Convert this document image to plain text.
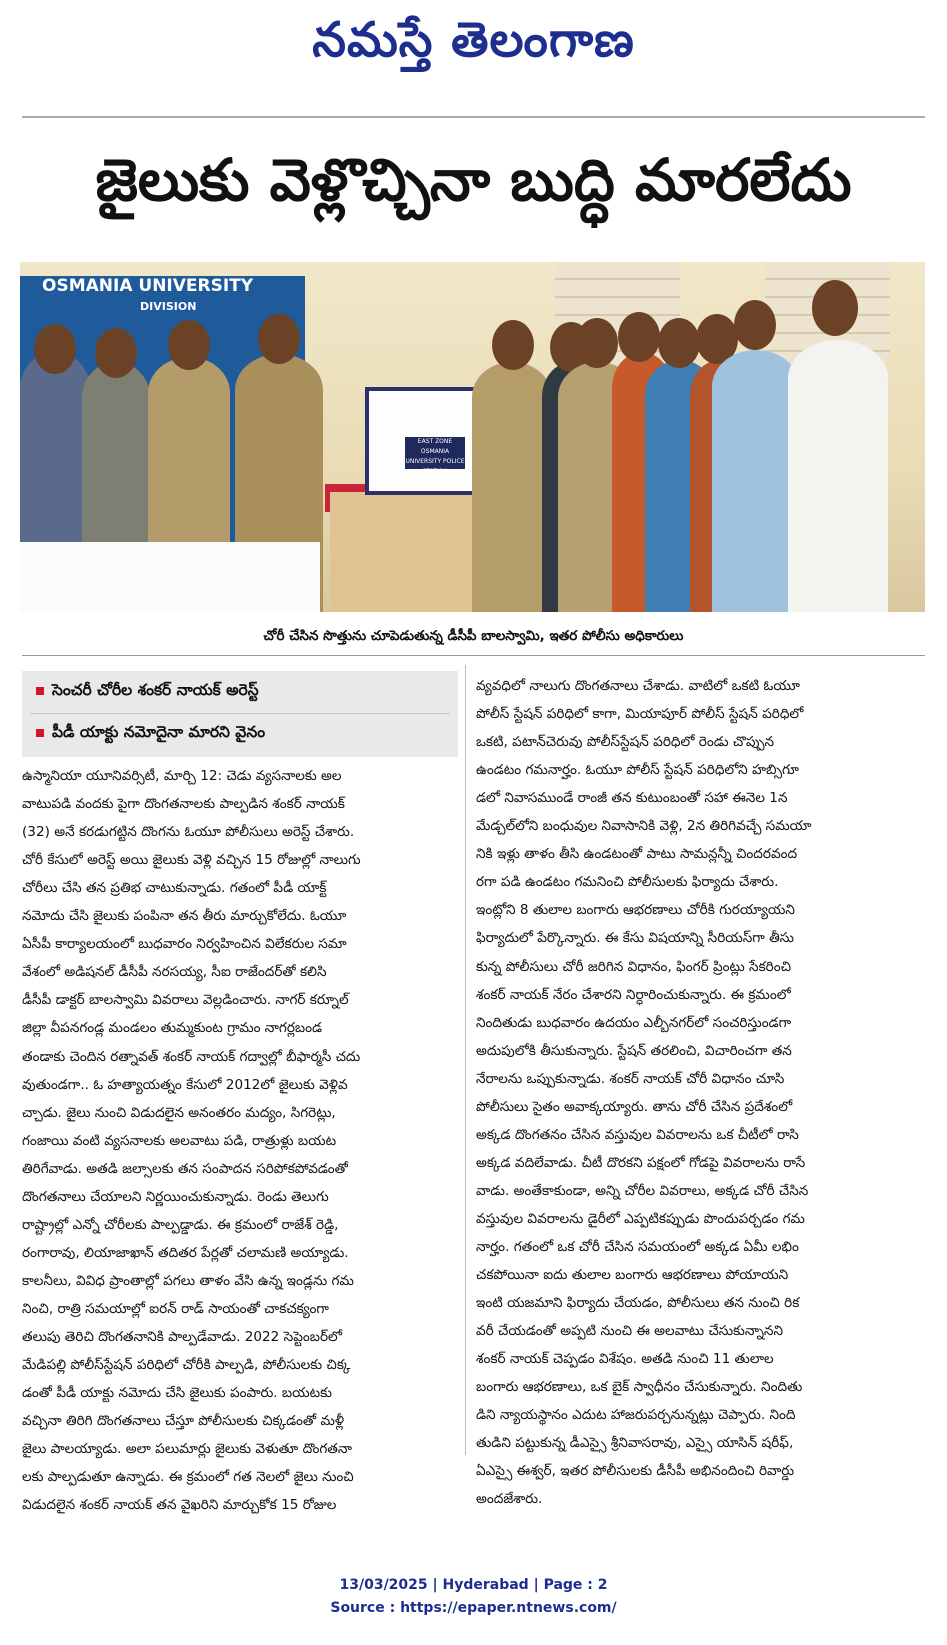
నమస్తే తెలంగాణ
జైలుకు వెళ్లొచ్చినా బుద్ధి మారలేదు
OSMANIA UNIVERSITY
DIVISION
EAST ZONE OSMANIA UNIVERSITY POLICE STATION
చోరీ చేసిన సొత్తును చూపెడుతున్న డీసీపీ బాలస్వామి, ఇతర పోలీసు అధికారులు
సెంచరీ చోరీల శంకర్ నాయక్ అరెస్ట్
పీడీ యాక్టు నమోదైనా మారని వైనం
ఉస్మానియా యూనివర్సిటీ, మార్చి 12: చెడు వ్యసనాలకు అల
వాటుపడి వందకు పైగా దొంగతనాలకు పాల్పడిన శంకర్ నాయక్
(32) అనే కరడుగట్టిన దొంగను ఓయూ పోలీసులు అరెస్ట్ చేశారు.
చోరీ కేసులో అరెస్ట్ అయి జైలుకు వెళ్లి వచ్చిన 15 రోజుల్లో నాలుగు
చోరీలు చేసి తన ప్రతిభ చాటుకున్నాడు. గతంలో పీడీ యాక్ట్
నమోదు చేసి జైలుకు పంపినా తన తీరు మార్చుకోలేదు. ఓయూ
ఏసీపీ కార్యాలయంలో బుధవారం నిర్వహించిన విలేకరుల సమా
వేశంలో అడిషనల్ డీసీపీ నరసయ్య, సీఐ రాజేందర్‌తో కలిసి
డీసీపీ డాక్టర్ బాలస్వామి వివరాలు వెల్లడించారు. నాగర్ కర్నూల్
జిల్లా వీపనగండ్ల మండలం తుమ్మకుంట గ్రామం నాగర్లబండ
తండాకు చెందిన రత్నావత్ శంకర్ నాయక్ గద్వాల్లో బీఫార్మసీ చదు
వుతుండగా.. ఓ హత్యాయత్నం కేసులో 2012లో జైలుకు వెళ్లివ
చ్చాడు. జైలు నుంచి విడుదలైన అనంతరం మద్యం, సిగరెట్లు,
గంజాయి వంటి వ్యసనాలకు అలవాటు పడి, రాత్రుళ్లు బయట
తిరిగేవాడు. అతడి జల్సాలకు తన సంపాదన సరిపోకపోవడంతో
దొంగతనాలు చేయాలని నిర్ణయించుకున్నాడు. రెండు తెలుగు
రాష్ట్రాల్లో ఎన్నో చోరీలకు పాల్పడ్డాడు. ఈ క్రమంలో రాజేశ్ రెడ్డి,
రంగారావు, లియాజాఖాన్ తదితర పేర్లతో చలామణి అయ్యాడు.
కాలనీలు, వివిధ ప్రాంతాల్లో పగలు తాళం వేసి ఉన్న ఇండ్లను గమ
నించి, రాత్రి సమయాల్లో ఐరన్ రాడ్ సాయంతో చాకచక్యంగా
తలుపు తెరిచి దొంగతనానికి పాల్పడేవాడు. 2022 సెప్టెంబర్‌లో
మేడిపల్లి పోలీస్‌స్టేషన్ పరిధిలో చోరీకి పాల్పడి, పోలీసులకు చిక్క
డంతో పీడీ యాక్టు నమోదు చేసి జైలుకు పంపారు. బయటకు
వచ్చినా తిరిగి దొంగతనాలు చేస్తూ పోలీసులకు చిక్కడంతో మళ్లీ
జైలు పాలయ్యాడు. అలా పలుమార్లు జైలుకు వెళుతూ దొంగతనా
లకు పాల్పడుతూ ఉన్నాడు. ఈ క్రమంలో గత నెలలో జైలు నుంచి
విడుదలైన శంకర్ నాయక్ తన వైఖరిని మార్చుకోక 15 రోజుల
వ్యవధిలో నాలుగు దొంగతనాలు చేశాడు. వాటిలో ఒకటి ఓయూ
పోలీస్ స్టేషన్ పరిధిలో కాగా, మియాపూర్ పోలీస్ స్టేషన్ పరిధిలో
ఒకటి, పటాన్‌చెరువు పోలీస్‌స్టేషన్ పరిధిలో రెండు చొప్పున
ఉండటం గమనార్హం. ఓయూ పోలీస్ స్టేషన్ పరిధిలోని హబ్సిగూ
డలో నివాసముండే రాంజీ తన కుటుంబంతో సహా ఈనెల 1న
మేడ్చల్‌లోని బంధువుల నివాసానికి వెళ్లి, 2న తిరిగివచ్చే సమయా
నికి ఇళ్లు తాళం తీసి ఉండటంతో పాటు సామన్లన్నీ చిందరవంద
రగా పడి ఉండటం గమనించి పోలీసులకు ఫిర్యాదు చేశారు.
ఇంట్లోని 8 తులాల బంగారు ఆభరణాలు చోరీకి గురయ్యాయని
ఫిర్యాదులో పేర్కొన్నారు. ఈ కేసు విషయాన్ని సీరియస్‌గా తీసు
కున్న పోలీసులు చోరీ జరిగిన విధానం, ఫింగర్ ప్రింట్లు సేకరించి
శంకర్ నాయక్ నేరం చేశారని నిర్ధారించుకున్నారు. ఈ క్రమంలో
నిందితుడు బుధవారం ఉదయం ఎల్బీనగర్‌లో సంచరిస్తుండగా
అదుపులోకి తీసుకున్నారు. స్టేషన్ తరలించి, విచారించగా తన
నేరాలను ఒప్పుకున్నాడు. శంకర్ నాయక్ చోరీ విధానం చూసి
పోలీసులు సైతం అవాక్కయ్యారు. తాను చోరీ చేసిన ప్రదేశంలో
అక్కడ దొంగతనం చేసిన వస్తువుల వివరాలను ఒక చీటీలో రాసి
అక్కడ వదిలేవాడు. చీటీ దొరకని పక్షంలో గోడపై వివరాలను రాసే
వాడు. అంతేకాకుండా, అన్ని చోరీల వివరాలు, అక్కడ చోరీ చేసిన
వస్తువుల వివరాలను డైరీలో ఎప్పటికప్పుడు పొందుపర్చడం గమ
నార్హం. గతంలో ఒక చోరీ చేసిన సమయంలో అక్కడ ఏమీ లభిం
చకపోయినా ఐదు తులాల బంగారు ఆభరణాలు పోయాయని
ఇంటి యజమాని ఫిర్యాదు చేయడం, పోలీసులు తన నుంచి రిక
వరీ చేయడంతో అప్పటి నుంచి ఈ అలవాటు చేసుకున్నానని
శంకర్ నాయక్ చెప్పడం విశేషం. అతడి నుంచి 11 తులాల
బంగారు ఆభరణాలు, ఒక బైక్ స్వాధీనం చేసుకున్నారు. నిందితు
డిని న్యాయస్థానం ఎదుట హాజరుపర్చనున్నట్లు చెప్పారు. నింది
తుడిని పట్టుకున్న డీఎస్సై శ్రీనివాసరావు, ఎస్సై యాసిన్ షరీఫ్,
ఏఎస్సై ఈశ్వర్, ఇతర పోలీసులకు డీసీపీ అభినందించి రివార్డు
అందజేశారు.
13/03/2025 | Hyderabad | Page : 2
Source : https://epaper.ntnews.com/
